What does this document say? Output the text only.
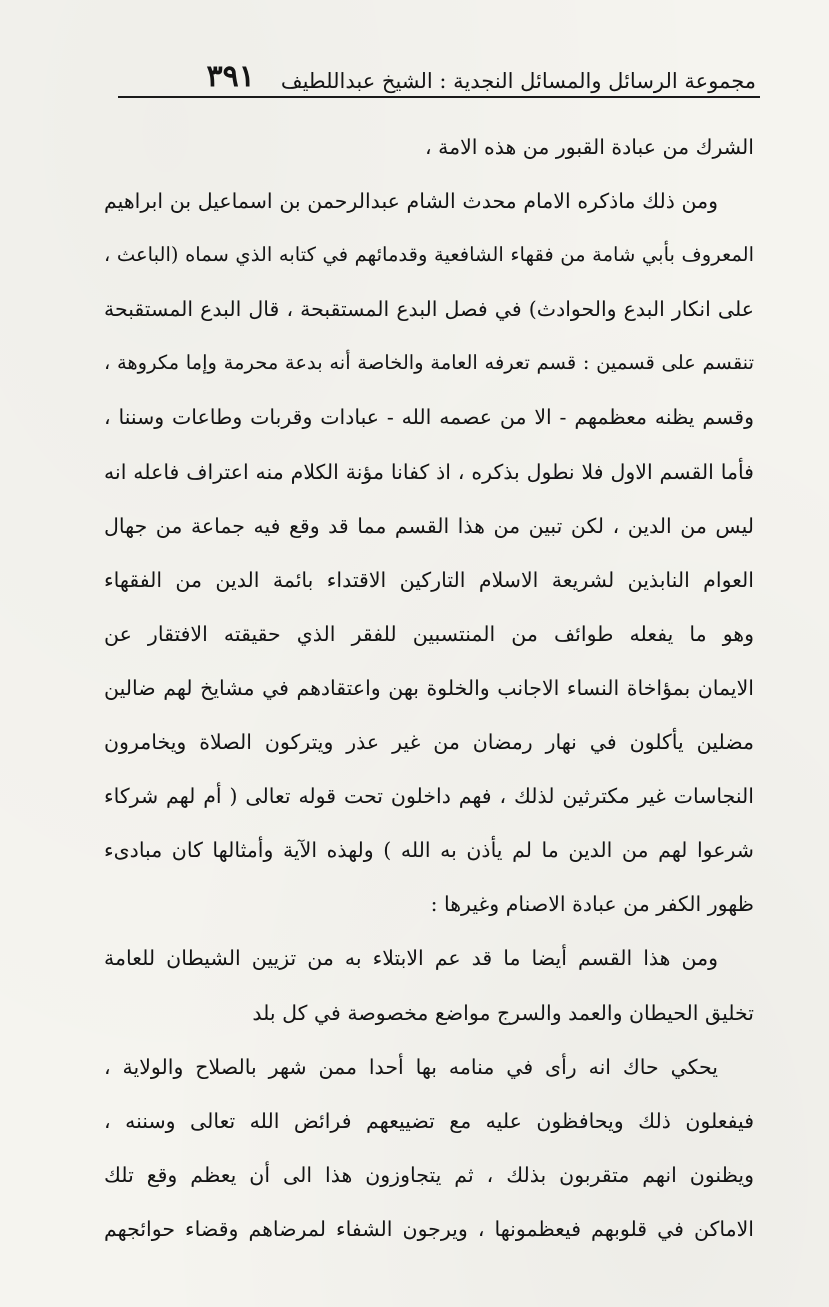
مجموعة الرسائل والمسائل النجدية : الشيخ عبداللطيف
٣٩١
الشرك من عبادة القبور من هذه الامة ،
ومن ذلك ماذكره الامام محدث الشام عبدالرحمن بن اسماعيل بن ابراهيم
المعروف بأبي شامة من فقهاء الشافعية وقدمائهم في كتابه الذي سماه (الباعث ،
على انكار البدع والحوادث) في فصل البدع المستقبحة ، قال البدع المستقبحة
تنقسم على قسمين : قسم تعرفه العامة والخاصة أنه بدعة محرمة وإما مكروهة ،
وقسم يظنه معظمهم - الا من عصمه الله - عبادات وقربات وطاعات وسننا ،
فأما القسم الاول فلا نطول بذكره ، اذ كفانا مؤنة الكلام منه اعتراف فاعله انه
ليس من الدين ، لكن تبين من هذا القسم مما قد وقع فيه جماعة من جهال
العوام النابذين لشريعة الاسلام التاركين الاقتداء بائمة الدين من الفقهاء
وهو ما يفعله طوائف من المنتسبين للفقر الذي حقيقته الافتقار عن
الايمان بمؤاخاة النساء الاجانب والخلوة بهن واعتقادهم في مشايخ لهم ضالين
مضلين يأكلون في نهار رمضان من غير عذر ويتركون الصلاة ويخامرون
النجاسات غير مكترثين لذلك ، فهم داخلون تحت قوله تعالى ( أم لهم شركاء
شرعوا لهم من الدين ما لم يأذن به الله ) ولهذه الآية وأمثالها كان مبادىء
ظهور الكفر من عبادة الاصنام وغيرها :
ومن هذا القسم أيضا ما قد عم الابتلاء به من تزيين الشيطان للعامة
تخليق الحيطان والعمد والسرج مواضع مخصوصة في كل بلد
يحكي حاك انه رأى في منامه بها أحدا ممن شهر بالصلاح والولاية ،
فيفعلون ذلك ويحافظون عليه مع تضييعهم فرائض الله تعالى وسننه ،
ويظنون انهم متقربون بذلك ، ثم يتجاوزون هذا الى أن يعظم وقع تلك
الاماكن في قلوبهم فيعظمونها ، ويرجون الشفاء لمرضاهم وقضاء حوائجهم
